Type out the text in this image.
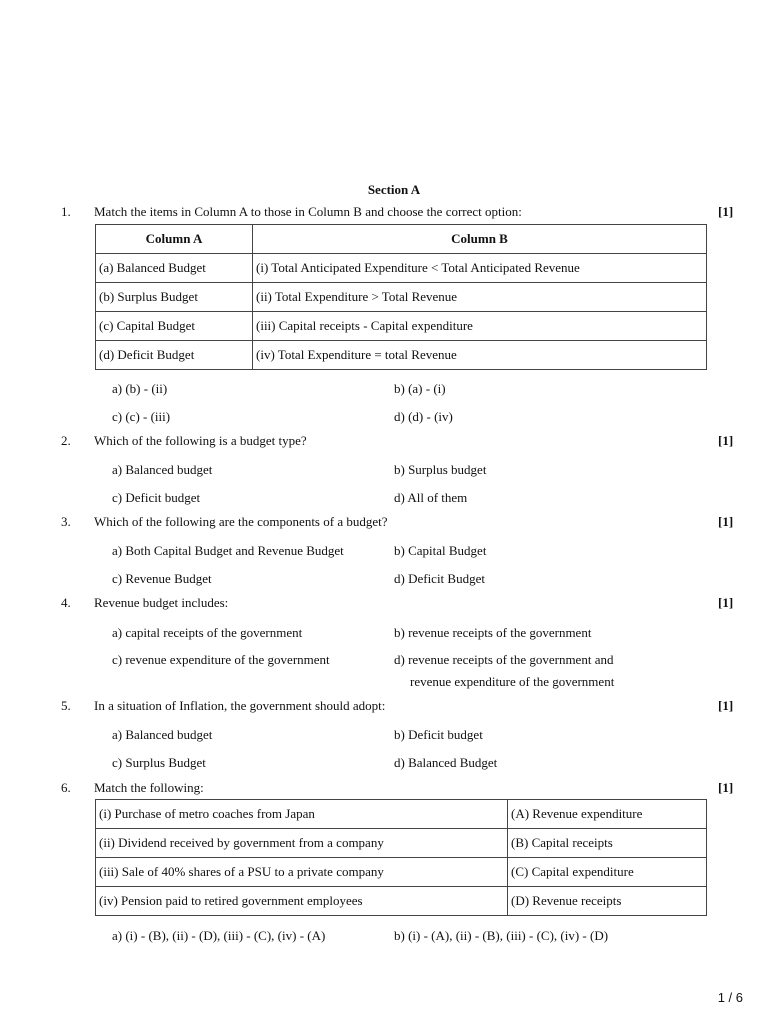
Section A
1. Match the items in Column A to those in Column B and choose the correct option:	[1]
Column A	Column B
(a) Balanced Budget	(i) Total Anticipated Expenditure < Total Anticipated Revenue
(b) Surplus Budget	(ii) Total Expenditure > Total Revenue
(c) Capital Budget	(iii) Capital receipts - Capital expenditure
(d) Deficit Budget	(iv) Total Expenditure = total Revenue
a) (b) - (ii)	b) (a) - (i)
c) (c) - (iii)	d) (d) - (iv)
2. Which of the following is a budget type?	[1]
a) Balanced budget	b) Surplus budget
c) Deficit budget	d) All of them
3. Which of the following are the components of a budget?	[1]
a) Both Capital Budget and Revenue Budget	b) Capital Budget
c) Revenue Budget	d) Deficit Budget
4. Revenue budget includes:	[1]
a) capital receipts of the government	b) revenue receipts of the government
c) revenue expenditure of the government	d) revenue receipts of the government and
revenue expenditure of the government
5. In a situation of Inflation, the government should adopt:	[1]
a) Balanced budget	b) Deficit budget
c) Surplus Budget	d) Balanced Budget
6. Match the following:	[1]
(i) Purchase of metro coaches from Japan	(A) Revenue expenditure
(ii) Dividend received by government from a company	(B) Capital receipts
(iii) Sale of 40% shares of a PSU to a private company	(C) Capital expenditure
(iv) Pension paid to retired government employees	(D) Revenue receipts
a) (i) - (B), (ii) - (D), (iii) - (C), (iv) - (A)	b) (i) - (A), (ii) - (B), (iii) - (C), (iv) - (D)
1 / 6
